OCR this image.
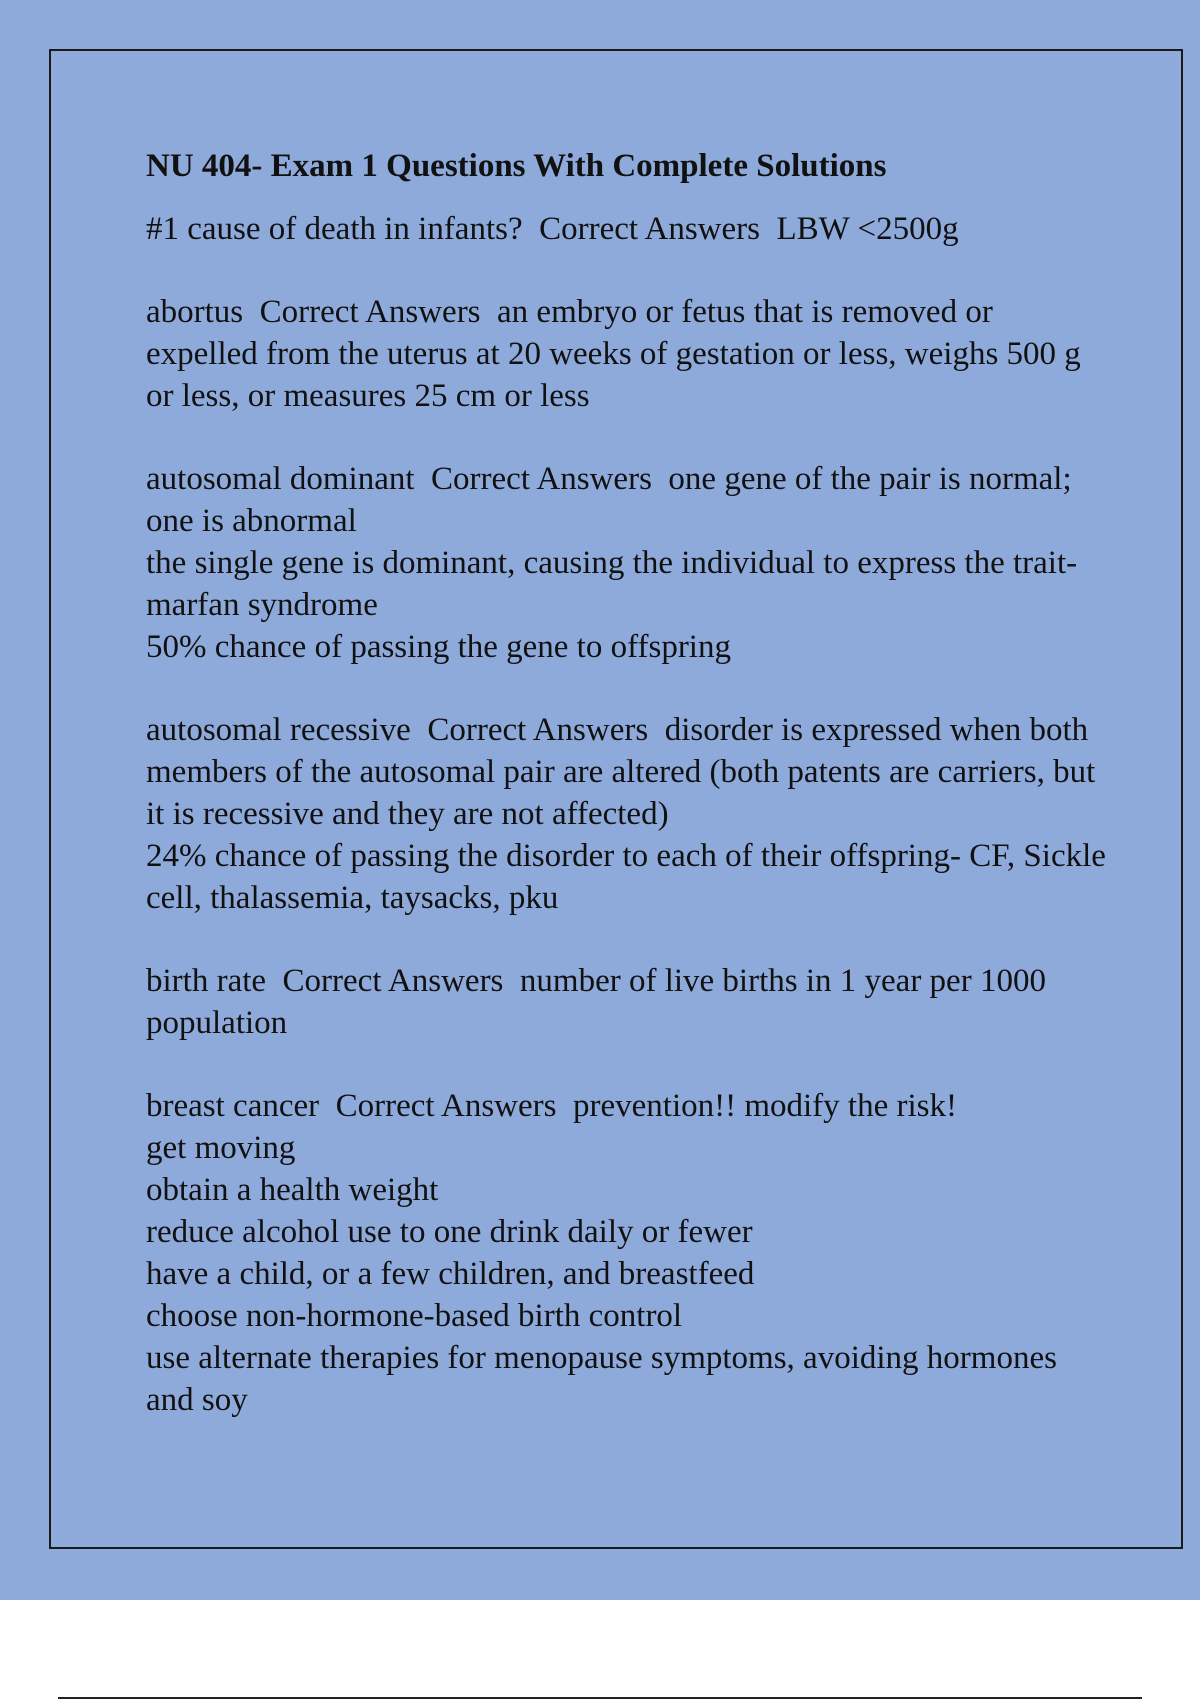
NU 404- Exam 1 Questions With Complete Solutions
#1 cause of death in infants?  Correct Answers  LBW <2500g
abortus  Correct Answers  an embryo or fetus that is removed or expelled from the uterus at 20 weeks of gestation or less, weighs 500 g or less, or measures 25 cm or less
autosomal dominant  Correct Answers  one gene of the pair is normal; one is abnormal
the single gene is dominant, causing the individual to express the trait- marfan syndrome
50% chance of passing the gene to offspring
autosomal recessive  Correct Answers  disorder is expressed when both members of the autosomal pair are altered (both patents are carriers, but it is recessive and they are not affected)
24% chance of passing the disorder to each of their offspring- CF, Sickle cell, thalassemia, taysacks, pku
birth rate  Correct Answers  number of live births in 1 year per 1000 population
breast cancer  Correct Answers  prevention!! modify the risk!
get moving
obtain a health weight
reduce alcohol use to one drink daily or fewer
have a child, or a few children, and breastfeed
choose non-hormone-based birth control
use alternate therapies for menopause symptoms, avoiding hormones and soy
